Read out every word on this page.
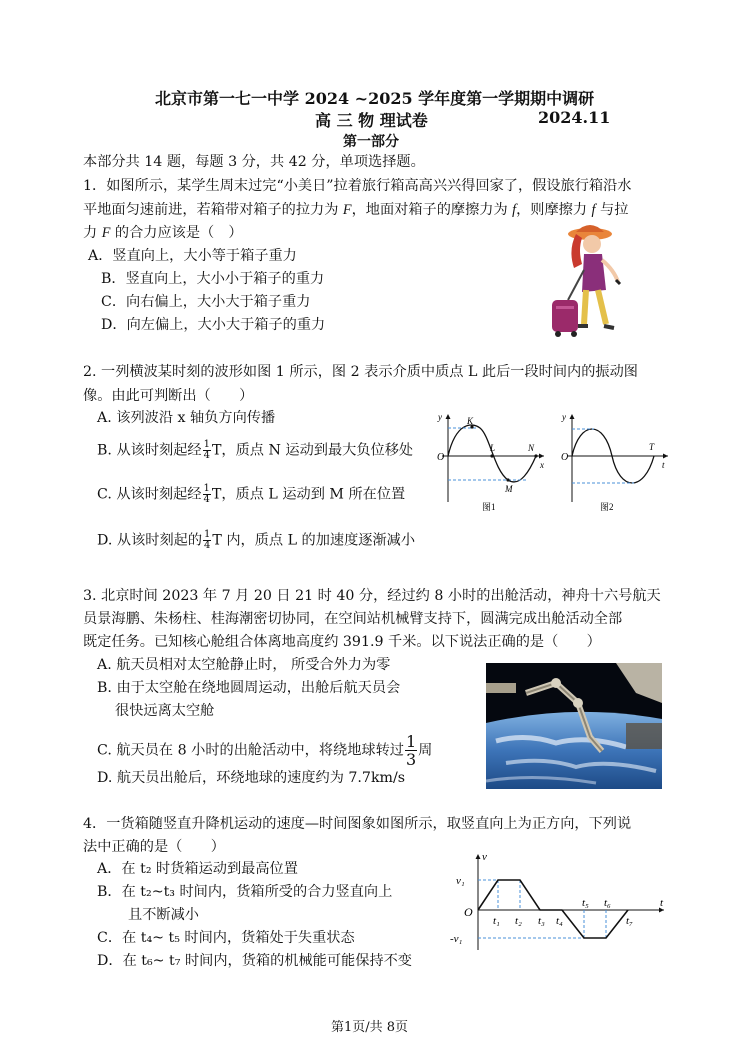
北京市第一七一中学 2024 ~2025 学年度第一学期期中调研
高 三 物 理试卷	2024.11
第一部分
本部分共 14 题，每题 3 分，共 42 分，单项选择题。
1．如图所示，某学生周末过完“小美日”拉着旅行箱高高兴兴得回家了，假设旅行箱沿水
平地面匀速前进，若箱带对箱子的拉力为 F，地面对箱子的摩擦力为 f，则摩擦力 f 与拉
力 F 的合力应该是（　）
A．竖直向上，大小等于箱子重力
B．竖直向上，大小小于箱子的重力
C．向右偏上，大小大于箱子重力
D．向左偏上，大小大于箱子的重力
2. 一列横波某时刻的波形如图 1 所示，图 2 表示介质中质点 L 此后一段时间内的振动图
像。由此可判断出（　　）
A. 该列波沿 x 轴负方向传播
B. 从该时刻起经 $\frac{1}{4}$ T，质点 N 运动到最大负位移处
C. 从该时刻起经 $\frac{1}{4}$ T，质点 L 运动到 M 所在位置
D. 从该时刻起的 $\frac{1}{4}$ T 内，质点 L 的加速度逐渐减小
y
O
x
K
L	N
M
图1
y
O
t
T
图2
3. 北京时间 2023 年 7 月 20 日 21 时 40 分，经过约 8 小时的出舱活动，神舟十六号航天
员景海鹏、朱杨柱、桂海潮密切协同，在空间站机械臂支持下，圆满完成出舱活动全部
既定任务。已知核心舱组合体离地高度约 391.9 千米。以下说法正确的是（　　）
A. 航天员相对太空舱静止时， 所受合外力为零
B. 由于太空舱在绕地圆周运动，出舱后航天员会
很快远离太空舱
C. 航天员在 8 小时的出舱活动中，将绕地球转过 $\frac{1}{3}$ 周
D. 航天员出舱后，环绕地球的速度约为 7.7km/s
4．一货箱随竖直升降机运动的速度—时间图象如图所示，取竖直向上为正方向，下列说
法中正确的是（　　）
A．在 t₂ 时货箱运动到最高位置
B．在 t₂~t₃ 时间内，货箱所受的合力竖直向上
且不断减小
C．在 t₄~ t₅ 时间内，货箱处于失重状态
D．在 t₆~ t₇ 时间内，货箱的机械能可能保持不变
v
t
O
v₁
-v₁
t₁ t₂ t₃ t₄
t₅ t₆
t₇
第1页/共 8页
